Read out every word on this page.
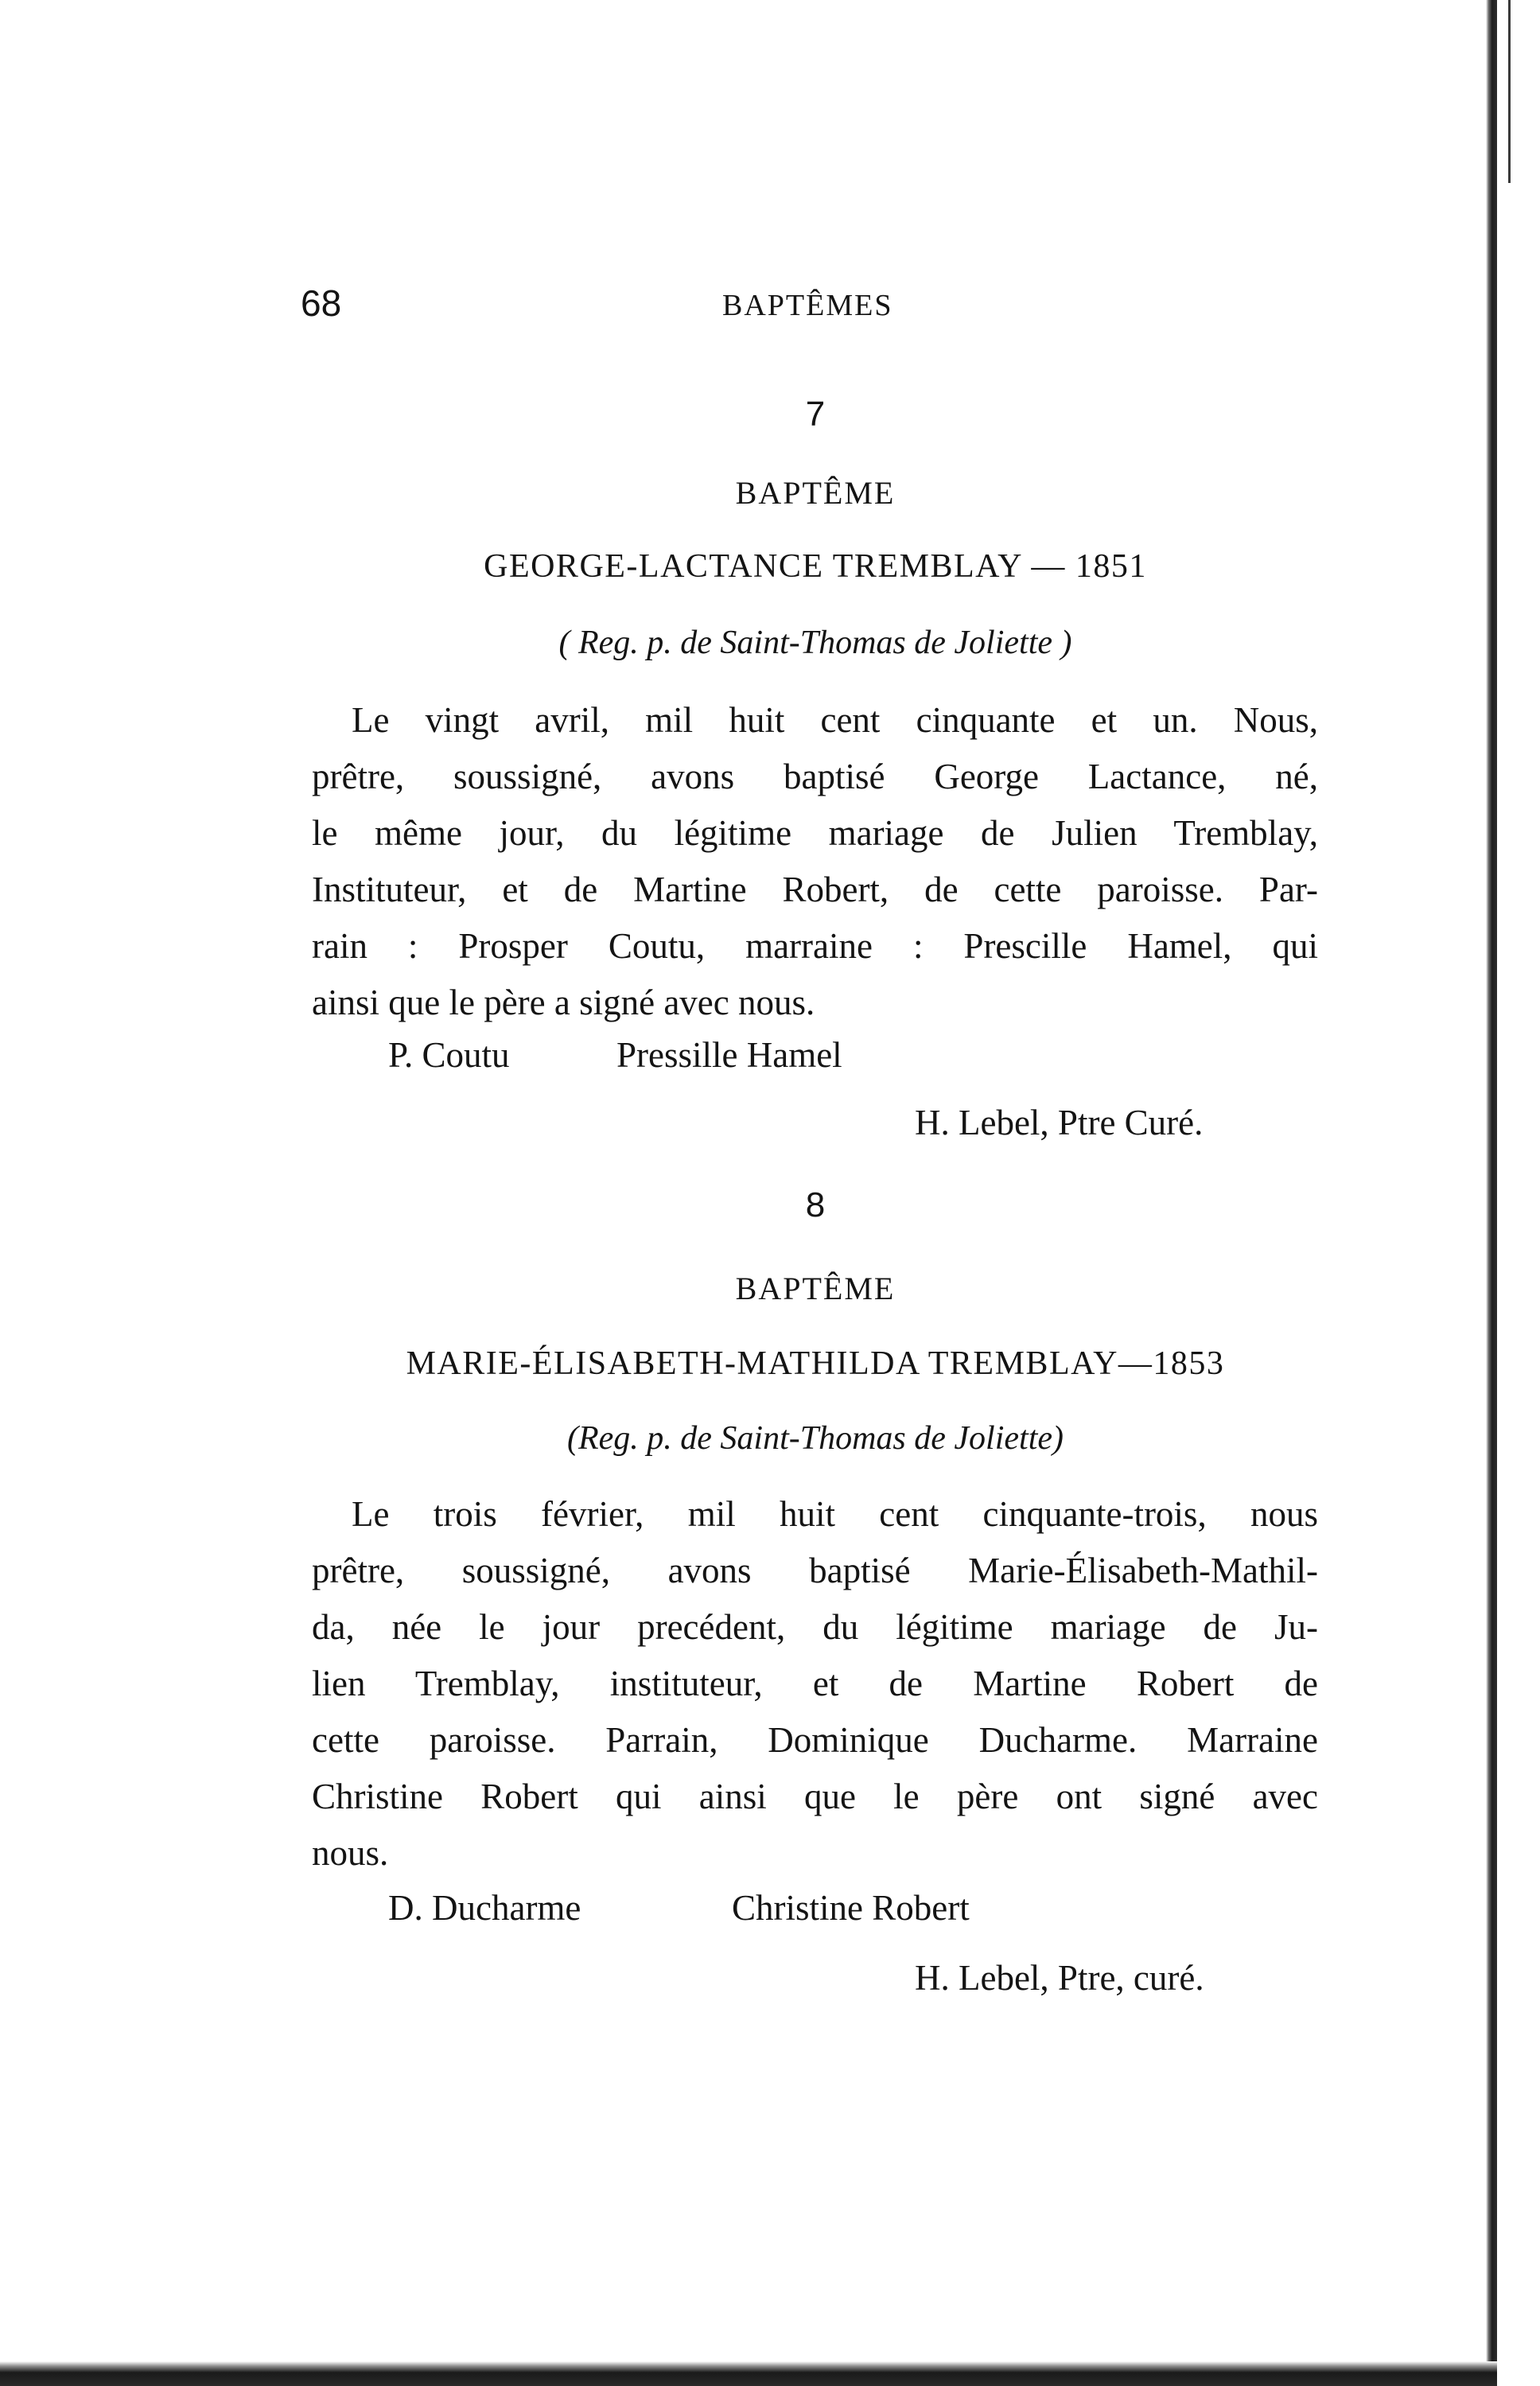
68	BAPTÊMES
7
BAPTÊME
GEORGE-LACTANCE TREMBLAY — 1851
( Reg. p. de Saint-Thomas de Joliette )
Le vingt avril, mil huit cent cinquante et un. Nous,
prêtre, soussigné, avons baptisé George Lactance, né,
le même jour, du légitime mariage de Julien Tremblay,
Instituteur, et de Martine Robert, de cette paroisse. Par-
rain : Prosper Coutu, marraine : Prescille Hamel, qui
ainsi que le père a signé avec nous.
P. Coutu	Pressille Hamel
H. Lebel, Ptre Curé.
8
BAPTÊME
MARIE-ÉLISABETH-MATHILDA TREMBLAY—1853
(Reg. p. de Saint-Thomas de Joliette)
Le trois février, mil huit cent cinquante-trois, nous
prêtre, soussigné, avons baptisé Marie-Élisabeth-Mathil-
da, née le jour precédent, du légitime mariage de Ju-
lien Tremblay, instituteur, et de Martine Robert de
cette paroisse. Parrain, Dominique Ducharme. Marraine
Christine Robert qui ainsi que le père ont signé avec
nous.
D. Ducharme	Christine Robert
H. Lebel, Ptre, curé.
